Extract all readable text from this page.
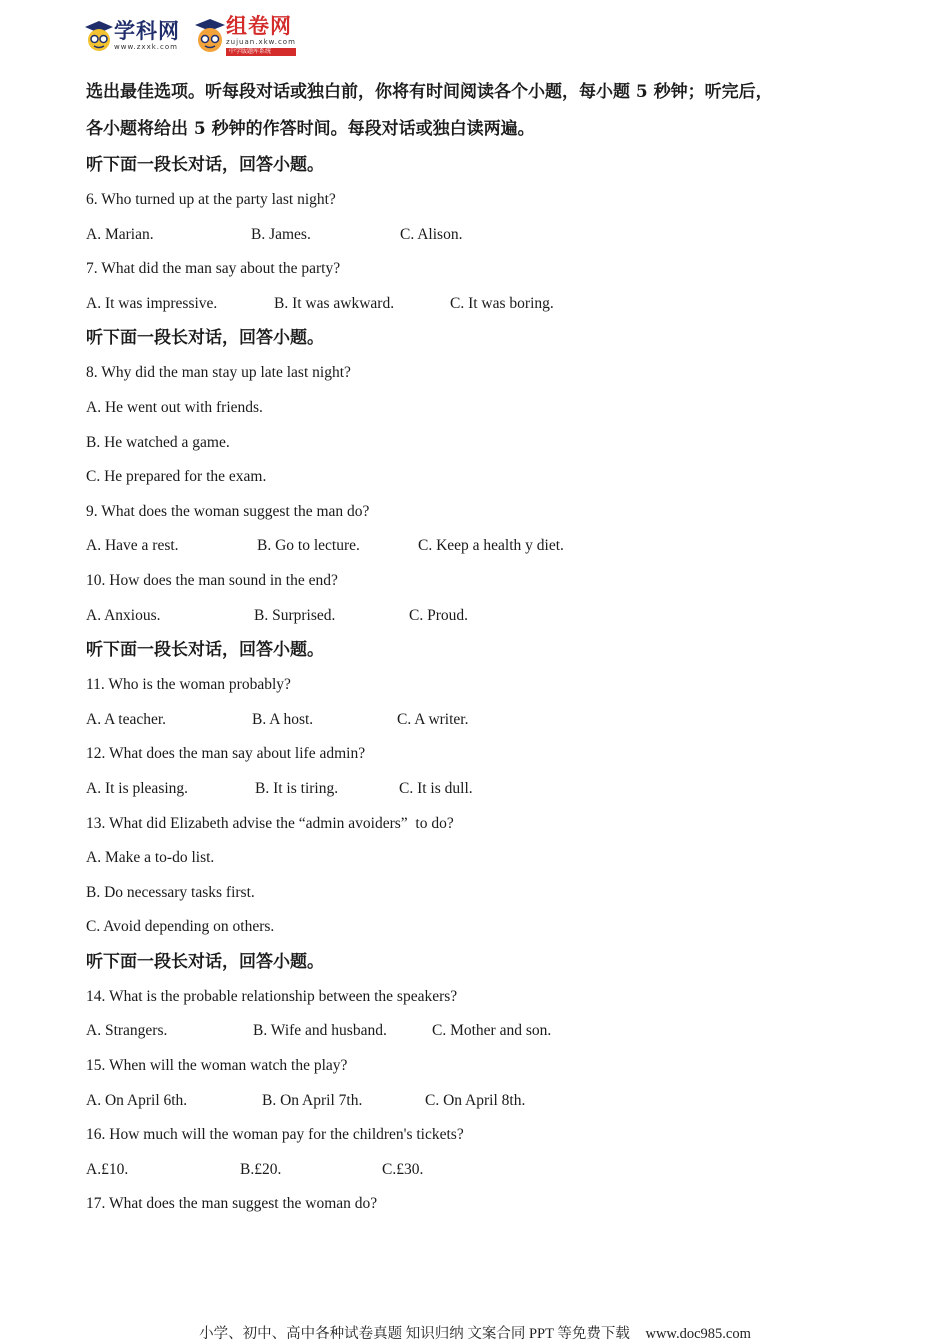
学科网
www.zxxk.com
组卷网
zujuan.xkw.com
中学版题库系统

选出最佳选项。听每段对话或独白前，你将有时间阅读各个小题，每小题 5 秒钟；听完后，

各小题将给出 5 秒钟的作答时间。每段对话或独白读两遍。

听下面一段长对话，回答小题。

6. Who turned up at the party last night?

A. Marian.	B. James.	C. Alison.

7. What did the man say about the party?

A. It was impressive.	B. It was awkward.	C. It was boring.

听下面一段长对话，回答小题。

8. Why did the man stay up late last night?

A. He went out with friends.

B. He watched a game.

C. He prepared for the exam.

9. What does the woman suggest the man do?

A. Have a rest.	B. Go to lecture.	C. Keep a health y diet.

10. How does the man sound in the end?

A. Anxious.	B. Surprised.	C. Proud.

听下面一段长对话，回答小题。

11. Who is the woman probably?

A. A teacher.	B. A host.	C. A writer.

12. What does the man say about life admin?

A. It is pleasing.	B. It is tiring.	C. It is dull.

13. What did Elizabeth advise the “admin avoiders”  to do?

A. Make a to-do list.

B. Do necessary tasks first.

C. Avoid depending on others.

听下面一段长对话，回答小题。

14. What is the probable relationship between the speakers?

A. Strangers.	B. Wife and husband.	C. Mother and son.

15. When will the woman watch the play?

A. On April 6th.	B. On April 7th.	C. On April 8th.

16. How much will the woman pay for the children's tickets?

A.£10.	B.£20.	C.£30.

17. What does the man suggest the woman do?

小学、初中、高中各种试卷真题 知识归纳 文案合同 PPT 等免费下载 www.doc985.com
